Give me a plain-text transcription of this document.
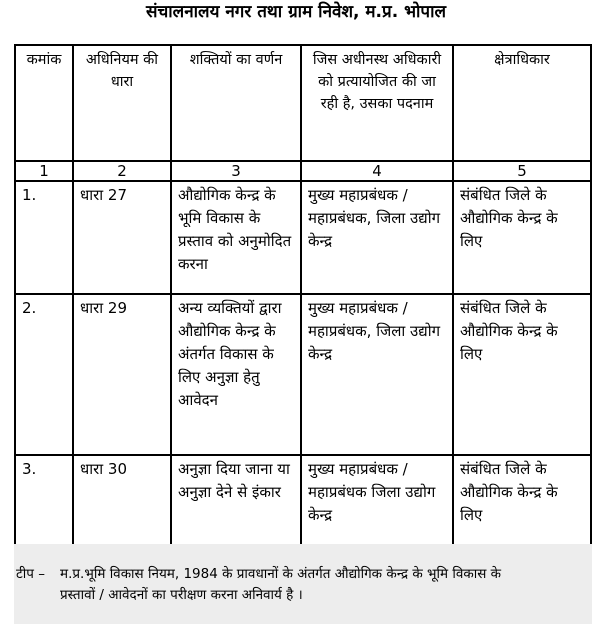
संचालनालय नगर तथा ग्राम निवेश, म.प्र. भोपाल
कमांक	अधिनियम की धारा	शक्तियों का वर्णन	जिस अधीनस्थ अधिकारी को प्रत्यायोजित की जा रही है, उसका पदनाम	क्षेत्राधिकार
1	2	3	4	5
1.	धारा 27	औद्योगिक केन्द्र के भूमि विकास के प्रस्ताव को अनुमोदित करना	मुख्य महाप्रबंधक / महाप्रबंधक, जिला उद्योग केन्द्र	संबंधित जिले के औद्योगिक केन्द्र के लिए
2.	धारा 29	अन्य व्यक्तियों द्वारा औद्योगिक केन्द्र के अंतर्गत विकास के लिए अनुज्ञा हेतु आवेदन	मुख्य महाप्रबंधक / महाप्रबंधक, जिला उद्योग केन्द्र	संबंधित जिले के औद्योगिक केन्द्र के लिए
3.	धारा 30	अनुज्ञा दिया जाना या अनुज्ञा देने से इंकार	मुख्य महाप्रबंधक / महाप्रबंधक जिला उद्योग केन्द्र	संबंधित जिले के औद्योगिक केन्द्र के लिए
टीप – म.प्र.भूमि विकास नियम, 1984 के प्रावधानों के अंतर्गत औद्योगिक केन्द्र के भूमि विकास के
प्रस्तावों / आवेदनों का परीक्षण करना अनिवार्य है ।
